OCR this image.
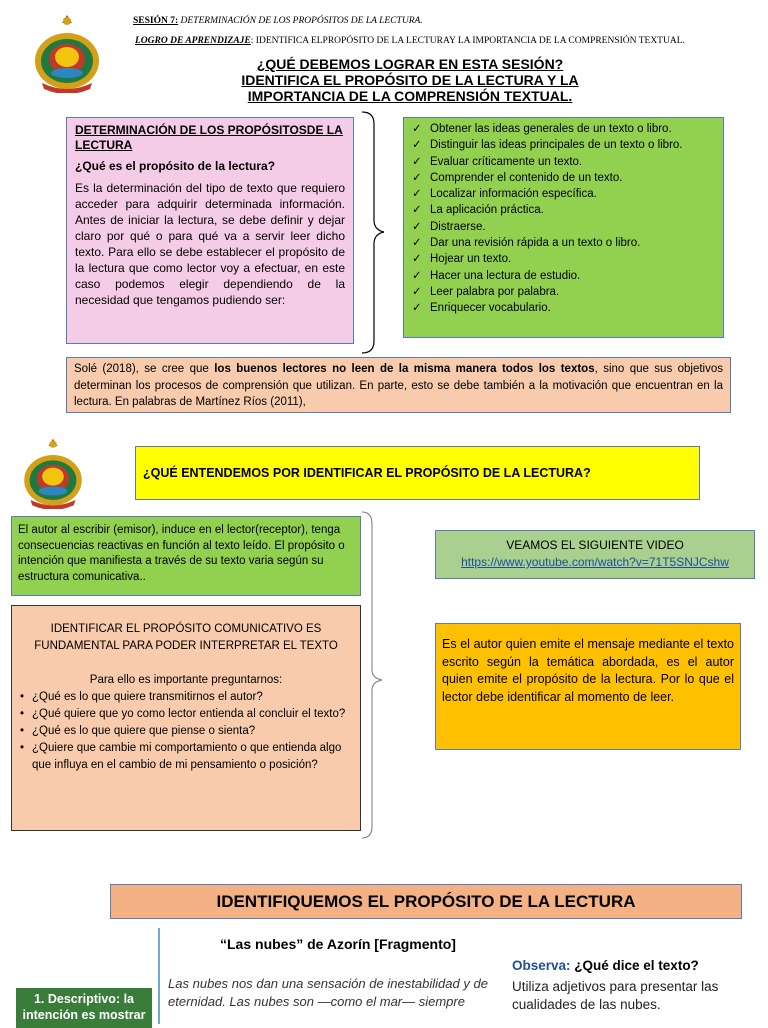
SESIÓN 7: DETERMINACIÓN DE LOS PROPÓSITOS DE LA LECTURA.
LOGRO DE APRENDIZAJE: IDENTIFICA ELPROPÓSITO DE LA LECTURAY LA IMPORTANCIA DE LA COMPRENSIÓN TEXTUAL.
¿QUÉ DEBEMOS LOGRAR EN ESTA SESIÓN?
IDENTIFICA EL PROPÓSITO DE LA LECTURA Y LA
IMPORTANCIA DE LA COMPRENSIÓN TEXTUAL.
DETERMINACIÓN DE LOS PROPÓSITOSDE LA LECTURA
¿Qué es el propósito de la lectura?

Es la determinación del tipo de texto que requiero acceder para adquirir determinada información. Antes de iniciar la lectura, se debe definir y dejar claro por qué o para qué va a servir leer dicho texto. Para ello se debe establecer el propósito de la lectura que como lector voy a efectuar, en este caso podemos elegir dependiendo de la necesidad que tengamos pudiendo ser:

✓ Obtener las ideas generales de un texto o libro.
✓ Distinguir las ideas principales de un texto o libro.
✓ Evaluar críticamente un texto.
✓ Comprender el contenido de un texto.
✓ Localizar información específica.
✓ La aplicación práctica.
✓ Distraerse.
✓ Dar una revisión rápida a un texto o libro.
✓ Hojear un texto.
✓ Hacer una lectura de estudio.
✓ Leer palabra por palabra.
✓ Enriquecer vocabulario.
Solé (2018), se cree que los buenos lectores no leen de la misma manera todos los textos, sino que sus objetivos determinan los procesos de comprensión que utilizan. En parte, esto se debe también a la motivación que encuentran en la lectura. En palabras de Martínez Ríos (2011),
¿QUÉ ENTENDEMOS POR IDENTIFICAR EL PROPÓSITO DE LA LECTURA?
El autor al escribir (emisor), induce en el lector(receptor), tenga consecuencias reactivas en función al texto leído. El propósito o intención que manifiesta a través de su texto varia según su estructura comunicativa..
VEAMOS EL SIGUIENTE VIDEO
https://www.youtube.com/watch?v=71T5SNJCshw
IDENTIFICAR EL PROPÓSITO COMUNICATIVO ES FUNDAMENTAL PARA PODER INTERPRETAR EL TEXTO
Para ello es importante preguntarnos:
• ¿Qué es lo que quiere transmitirnos el autor?
• ¿Qué quiere que yo como lector entienda al concluir el texto?
• ¿Qué es lo que quiere que piense o sienta?
• ¿Quiere que cambie mi comportamiento o que entienda algo que influya en el cambio de mi pensamiento o posición?
Es el autor quien emite el mensaje mediante el texto escrito según la temática abordada, es el autor quien emite el propósito de la lectura. Por lo que el lector debe identificar al momento de leer.
IDENTIFIQUEMOS EL PROPÓSITO DE LA LECTURA
“Las nubes” de Azorín [Fragmento]
Las nubes nos dan una sensación de inestabilidad y de eternidad. Las nubes son —como el mar— siempre
Observa: ¿Qué dice el texto?
Utiliza adjetivos para presentar las cualidades de las nubes.
1. Descriptivo: la intención es mostrar
